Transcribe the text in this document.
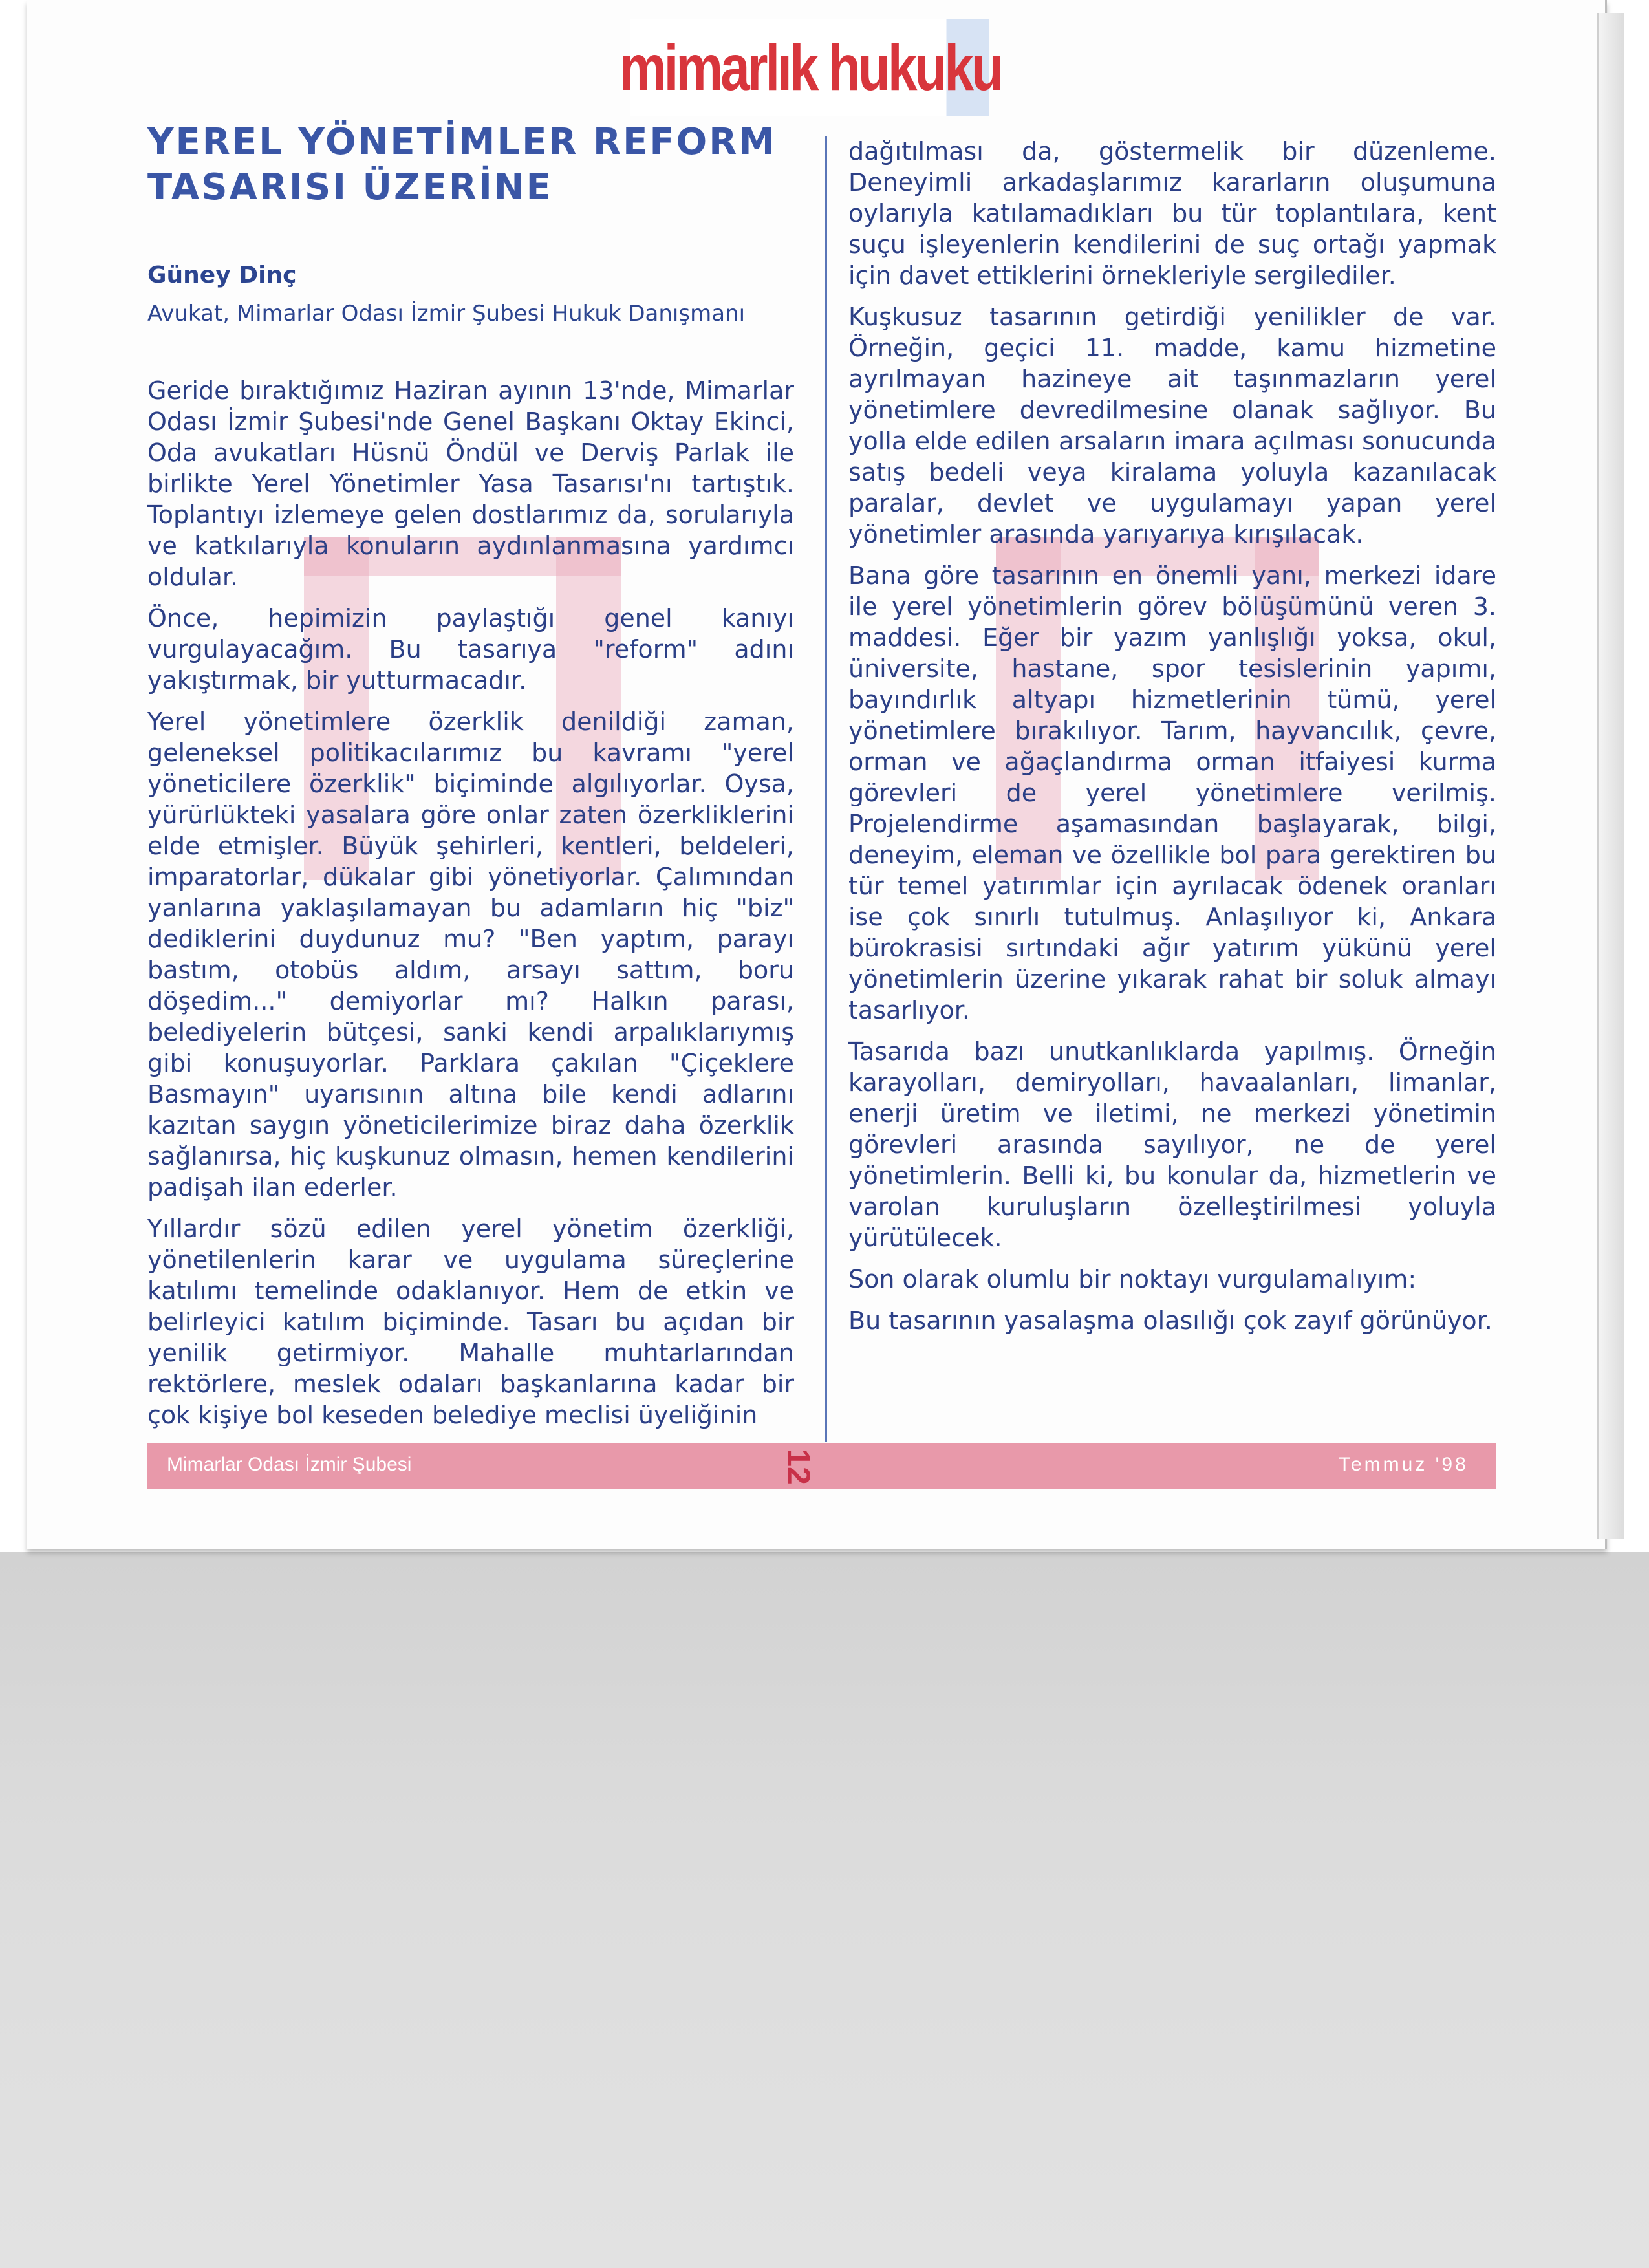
mimarlık hukuku
YEREL YÖNETİMLER REFORM
TASARISI ÜZERİNE
Güney Dinç
Avukat, Mimarlar Odası İzmir Şubesi Hukuk Danışmanı

Geride bıraktığımız Haziran ayının 13'nde, Mimarlar Odası İzmir Şubesi'nde Genel Başkanı Oktay Ekinci, Oda avukatları Hüsnü Öndül ve Derviş Parlak ile birlikte Yerel Yönetimler Yasa Tasarısı'nı tartıştık. Toplantıyı izlemeye gelen dostlarımız da, sorularıyla ve katkılarıyla konuların aydınlanmasına yardımcı oldular.

Önce, hepimizin paylaştığı genel kanıyı vurgulayacağım. Bu tasarıya "reform" adını yakıştırmak, bir yutturmacadır.

Yerel yönetimlere özerklik denildiği zaman, geleneksel politikacılarımız bu kavramı "yerel yöneticilere özerklik" biçiminde algılıyorlar. Oysa, yürürlükteki yasalara göre onlar zaten özerkliklerini elde etmişler. Büyük şehirleri, kentleri, beldeleri, imparatorlar, dükalar gibi yönetiyorlar. Çalımından yanlarına yaklaşılamayan bu adamların hiç "biz" dediklerini duydunuz mu? "Ben yaptım, parayı bastım, otobüs aldım, arsayı sattım, boru döşedim..." demiyorlar mı? Halkın parası, belediyelerin bütçesi, sanki kendi arpalıklarıymış gibi konuşuyorlar. Parklara çakılan "Çiçeklere Basmayın" uyarısının altına bile kendi adlarını kazıtan saygın yöneticilerimize biraz daha özerklik sağlanırsa, hiç kuşkunuz olmasın, hemen kendilerini padişah ilan ederler.

Yıllardır sözü edilen yerel yönetim özerkliği, yönetilenlerin karar ve uygulama süreçlerine katılımı temelinde odaklanıyor. Hem de etkin ve belirleyici katılım biçiminde. Tasarı bu açıdan bir yenilik getirmiyor. Mahalle muhtarlarından rektörlere, meslek odaları başkanlarına kadar bir çok kişiye bol keseden belediye meclisi üyeliğinin

dağıtılması da, göstermelik bir düzenleme. Deneyimli arkadaşlarımız kararların oluşumuna oylarıyla katılamadıkları bu tür toplantılara, kent suçu işleyenlerin kendilerini de suç ortağı yapmak için davet ettiklerini örnekleriyle sergilediler.

Kuşkusuz tasarının getirdiği yenilikler de var. Örneğin, geçici 11. madde, kamu hizmetine ayrılmayan hazineye ait taşınmazların yerel yönetimlere devredilmesine olanak sağlıyor. Bu yolla elde edilen arsaların imara açılması sonucunda satış bedeli veya kiralama yoluyla kazanılacak paralar, devlet ve uygulamayı yapan yerel yönetimler arasında yarıyarıya kırışılacak.

Bana göre tasarının en önemli yanı, merkezi idare ile yerel yönetimlerin görev bölüşümünü veren 3. maddesi. Eğer bir yazım yanlışlığı yoksa, okul, üniversite, hastane, spor tesislerinin yapımı, bayındırlık altyapı hizmetlerinin tümü, yerel yönetimlere bırakılıyor. Tarım, hayvancılık, çevre, orman ve ağaçlandırma orman itfaiyesi kurma görevleri de yerel yönetimlere verilmiş. Projelendirme aşamasından başlayarak, bilgi, deneyim, eleman ve özellikle bol para gerektiren bu tür temel yatırımlar için ayrılacak ödenek oranları ise çok sınırlı tutulmuş. Anlaşılıyor ki, Ankara bürokrasisi sırtındaki ağır yatırım yükünü yerel yönetimlerin üzerine yıkarak rahat bir soluk almayı tasarlıyor.

Tasarıda bazı unutkanlıklarda yapılmış. Örneğin karayolları, demiryolları, havaalanları, limanlar, enerji üretim ve iletimi, ne merkezi yönetimin görevleri arasında sayılıyor, ne de yerel yönetimlerin. Belli ki, bu konular da, hizmetlerin ve varolan kuruluşların özelleştirilmesi yoluyla yürütülecek.

Son olarak olumlu bir noktayı vurgulamalıyım:

Bu tasarının yasalaşma olasılığı çok zayıf görünüyor.

Mimarlar Odası İzmir Şubesi	12	Temmuz '98
